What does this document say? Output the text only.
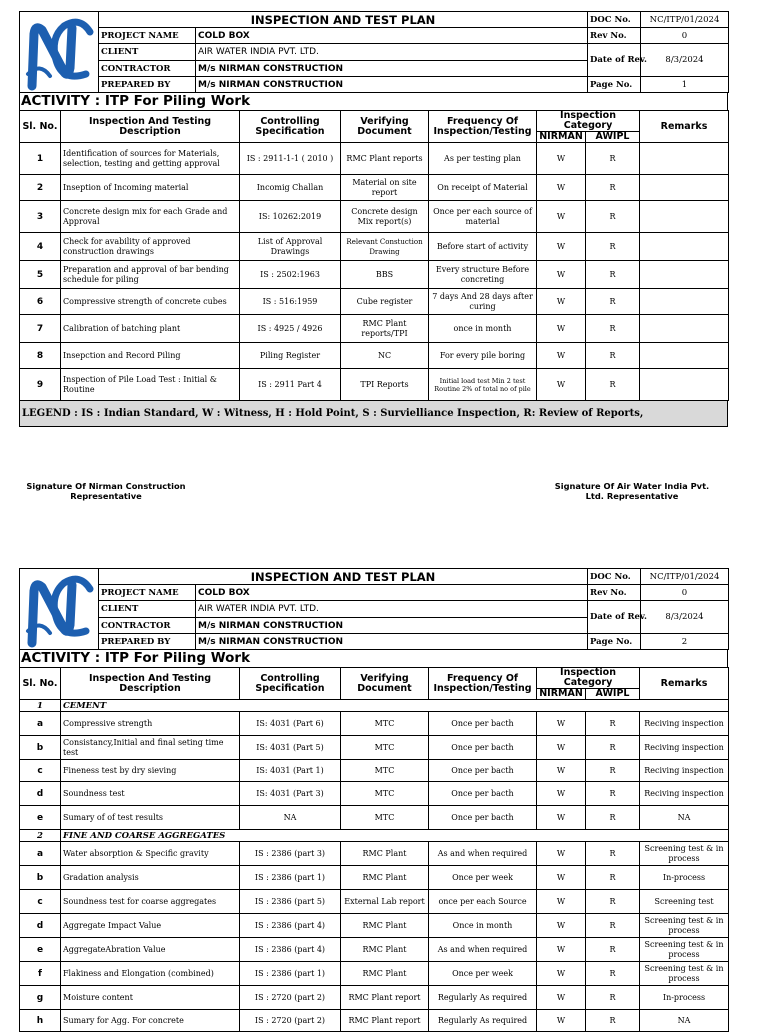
	INSPECTION AND TEST PLAN		DOC No.	NC/ITP/01/2024
	PROJECT NAME	COLD BOX	Rev No.	0
	CLIENT	AIR WATER INDIA PVT. LTD.	Date of Rev.	8/3/2024
	CONTRACTOR	M/s NIRMAN CONSTRUCTION		
	PREPARED BY	M/s NIRMAN CONSTRUCTION	Page No.	1
ACTIVITY : ITP For Piling Work
Sl. No.	Inspection And Testing Description	Controlling Specification	Verifying Document	Frequency Of Inspection/Testing	Inspection Category		Remarks
					NIRMAN	AWIPL	
1	Identification of sources for Materials, selection, testing and getting approval	IS : 2911-1-1 ( 2010 )	RMC Plant reports	As per testing plan	W	R	
2	Inseption of Incoming material	Incomig Challan	Material on site report	On receipt of Material	W	R	
3	Concrete design mix for each Grade and Approval	IS: 10262:2019	Concrete design Mix report(s)	Once per each source of material	W	R	
4	Check for avability of approved construction drawings	List of Approval Drawings	Relevant Constuction Drawing	Before start of activity	W	R	
5	Preparation and approval of bar bending schedule for piling	IS : 2502:1963	BBS	Every structure Before concreting	W	R	
6	Compressive strength of concrete cubes	IS : 516:1959	Cube register	7 days And 28 days after curing	W	R	
7	Calibration of batching plant	IS : 4925 / 4926	RMC Plant reports/TPI	once in month	W	R	
8	Insepction and Record Piling	Piling Register	NC	For every pile boring	W	R	
9	Inspection of Pile Load Test : Initial & Routine	IS : 2911 Part 4	TPI Reports	Initial load test Min 2 test Routine 2% of total no of pile	W	R	
LEGEND : IS : Indian Standard, W : Witness, H : Hold Point, S : Survielliance Inspection, R: Review of Reports,
Signature Of Nirman Construction Representative
Signature Of Air Water India Pvt. Ltd. Representative
	INSPECTION AND TEST PLAN		DOC No.	NC/ITP/01/2024
	PROJECT NAME	COLD BOX	Rev No.	0
	CLIENT	AIR WATER INDIA PVT. LTD.	Date of Rev.	8/3/2024
	CONTRACTOR	M/s NIRMAN CONSTRUCTION		
	PREPARED BY	M/s NIRMAN CONSTRUCTION	Page No.	2
ACTIVITY : ITP For Piling Work
Sl. No.	Inspection And Testing Description	Controlling Specification	Verifying Document	Frequency Of Inspection/Testing	Inspection Category		Remarks
					NIRMAN	AWIPL	
1	CEMENT						
a	Compressive strength	IS: 4031 (Part 6)	MTC	Once per bacth	W	R	Reciving inspection
b	Consistancy,Initial and final seting time test	IS: 4031 (Part 5)	MTC	Once per bacth	W	R	Reciving inspection
c	Fineness test by dry sieving	IS: 4031 (Part 1)	MTC	Once per bacth	W	R	Reciving inspection
d	Soundness test	IS: 4031 (Part 3)	MTC	Once per bacth	W	R	Reciving inspection
e	Sumary of of test results	NA	MTC	Once per bacth	W	R	NA
2	FINE AND COARSE AGGREGATES						
a	Water absorption & Specific gravity	IS : 2386 (part 3)	RMC Plant	As and when required	W	R	Screening test & in process
b	Gradation analysis	IS : 2386 (part 1)	RMC Plant	Once per week	W	R	In-process
c	Soundness test for coarse aggregates	IS : 2386 (part 5)	External Lab report	once per each Source	W	R	Screening test
d	Aggregate Impact Value	IS : 2386 (part 4)	RMC Plant	Once in month	W	R	Screening test & in process
e	AggregateAbration Value	IS : 2386 (part 4)	RMC Plant	As and when required	W	R	Screening test & in process
f	Flakiness and Elongation (combined)	IS : 2386 (part 1)	RMC Plant	Once per week	W	R	Screening test & in process
g	Moisture content	IS : 2720 (part 2)	RMC Plant report	Regularly As required	W	R	In-process
h	Sumary for Agg. For concrete	IS : 2720 (part 2)	RMC Plant report	Regularly As required	W	R	NA
